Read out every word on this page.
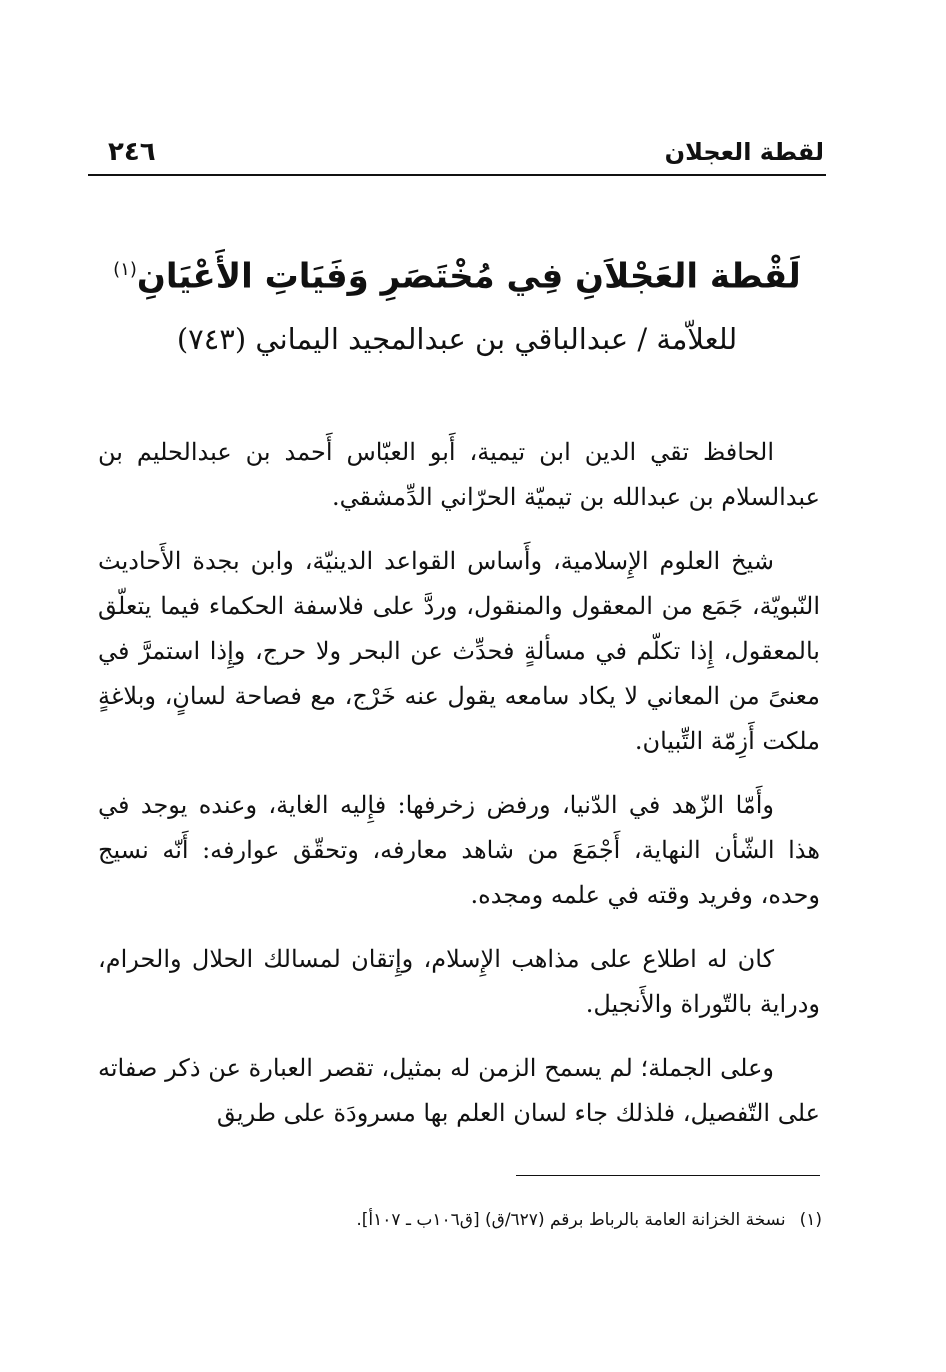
لقطة العجلان
٢٤٦
لَقْطة العَجْلاَنِ فِي مُخْتَصَرِ وَفَيَاتِ الأَعْيَانِ$^{(١)}$
للعلاّمة / عبدالباقي بن عبدالمجيد اليماني (٧٤٣)

الحافظ تقي الدين ابن تيمية، أَبو العبّاس أَحمد بن عبدالحليم بن عبدالسلام بن عبدالله بن تيميّة الحرّاني الدِّمشقي.

شيخ العلوم الإِسلامية، وأَساس القواعد الدينيّة، وابن بجدة الأَحاديث النّبويّة، جَمَع من المعقول والمنقول، وردَّ على فلاسفة الحكماء فيما يتعلّق بالمعقول، إِذا تكلّم في مسألةٍ فحدِّث عن البحر ولا حرج، وإِذا استمرَّ في معنىً من المعاني لا يكاد سامعه يقول عنه خَرْج، مع فصاحة لسانٍ، وبلاغةٍ ملكت أَزِمّة التِّبيان.

وأَمّا الزّهد في الدّنيا، ورفض زخرفها: فإِليه الغاية، وعنده يوجد في هذا الشّأن النهاية، أَجْمَعَ من شاهد معارفه، وتحقّق عوارفه: أَنّه نسيج وحده، وفريد وقته في علمه ومجده.

كان له اطلاع على مذاهب الإِسلام، وإِتقان لمسالك الحلال والحرام، ودراية بالتّوراة والأَنجيل.

وعلى الجملة؛ لم يسمح الزمن له بمثيل، تقصر العبارة عن ذكر صفاته على التّفصيل، فلذلك جاء لسان العلم بها مسرودَة على طريق

(١)نسخة الخزانة العامة بالرباط برقم (٦٢٧/ق) [ق١٠٦ب ـ ١٠٧أ].
